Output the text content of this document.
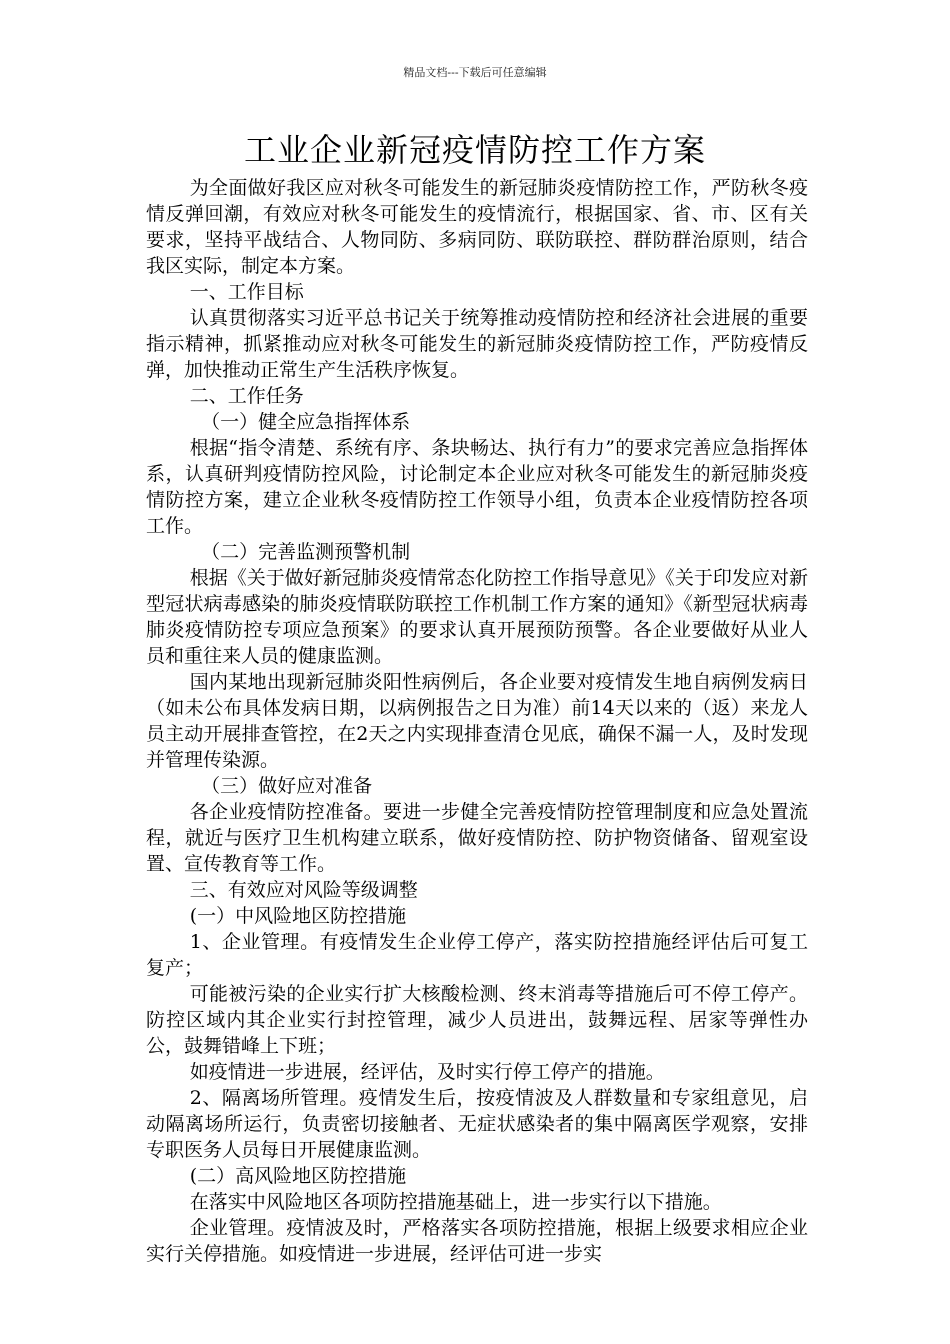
精品文档---下载后可任意编辑
工业企业新冠疫情防控工作方案

为全面做好我区应对秋冬可能发生的新冠肺炎疫情防控工作，严防秋冬疫情反弹回潮，有效应对秋冬可能发生的疫情流行，根据国家、省、市、区有关要求，坚持平战结合、人物同防、多病同防、联防联控、群防群治原则，结合我区实际，制定本方案。

一、工作目标

认真贯彻落实习近平总书记关于统筹推动疫情防控和经济社会进展的重要指示精神，抓紧推动应对秋冬可能发生的新冠肺炎疫情防控工作，严防疫情反弹，加快推动正常生产生活秩序恢复。

二、工作任务

（一）健全应急指挥体系

根据“指令清楚、系统有序、条块畅达、执行有力”的要求完善应急指挥体系，认真研判疫情防控风险，讨论制定本企业应对秋冬可能发生的新冠肺炎疫情防控方案，建立企业秋冬疫情防控工作领导小组，负责本企业疫情防控各项工作。

（二）完善监测预警机制

根据《关于做好新冠肺炎疫情常态化防控工作指导意见》《关于印发应对新型冠状病毒感染的肺炎疫情联防联控工作机制工作方案的通知》《新型冠状病毒肺炎疫情防控专项应急预案》的要求认真开展预防预警。各企业要做好从业人员和重往来人员的健康监测。

国内某地出现新冠肺炎阳性病例后，各企业要对疫情发生地自病例发病日（如未公布具体发病日期，以病例报告之日为准）前14天以来的（返）来龙人员主动开展排查管控，在2天之内实现排查清仓见底，确保不漏一人，及时发现并管理传染源。

（三）做好应对准备

各企业疫情防控准备。要进一步健全完善疫情防控管理制度和应急处置流程，就近与医疗卫生机构建立联系，做好疫情防控、防护物资储备、留观室设置、宣传教育等工作。

三、有效应对风险等级调整

(一）中风险地区防控措施

1、企业管理。有疫情发生企业停工停产，落实防控措施经评估后可复工复产；

可能被污染的企业实行扩大核酸检测、终末消毒等措施后可不停工停产。防控区域内其企业实行封控管理，减少人员进出，鼓舞远程、居家等弹性办公，鼓舞错峰上下班；

如疫情进一步进展，经评估，及时实行停工停产的措施。

2、隔离场所管理。疫情发生后，按疫情波及人群数量和专家组意见，启动隔离场所运行，负责密切接触者、无症状感染者的集中隔离医学观察，安排专职医务人员每日开展健康监测。

(二）高风险地区防控措施

在落实中风险地区各项防控措施基础上，进一步实行以下措施。

企业管理。疫情波及时，严格落实各项防控措施，根据上级要求相应企业实行关停措施。如疫情进一步进展，经评估可进一步实
